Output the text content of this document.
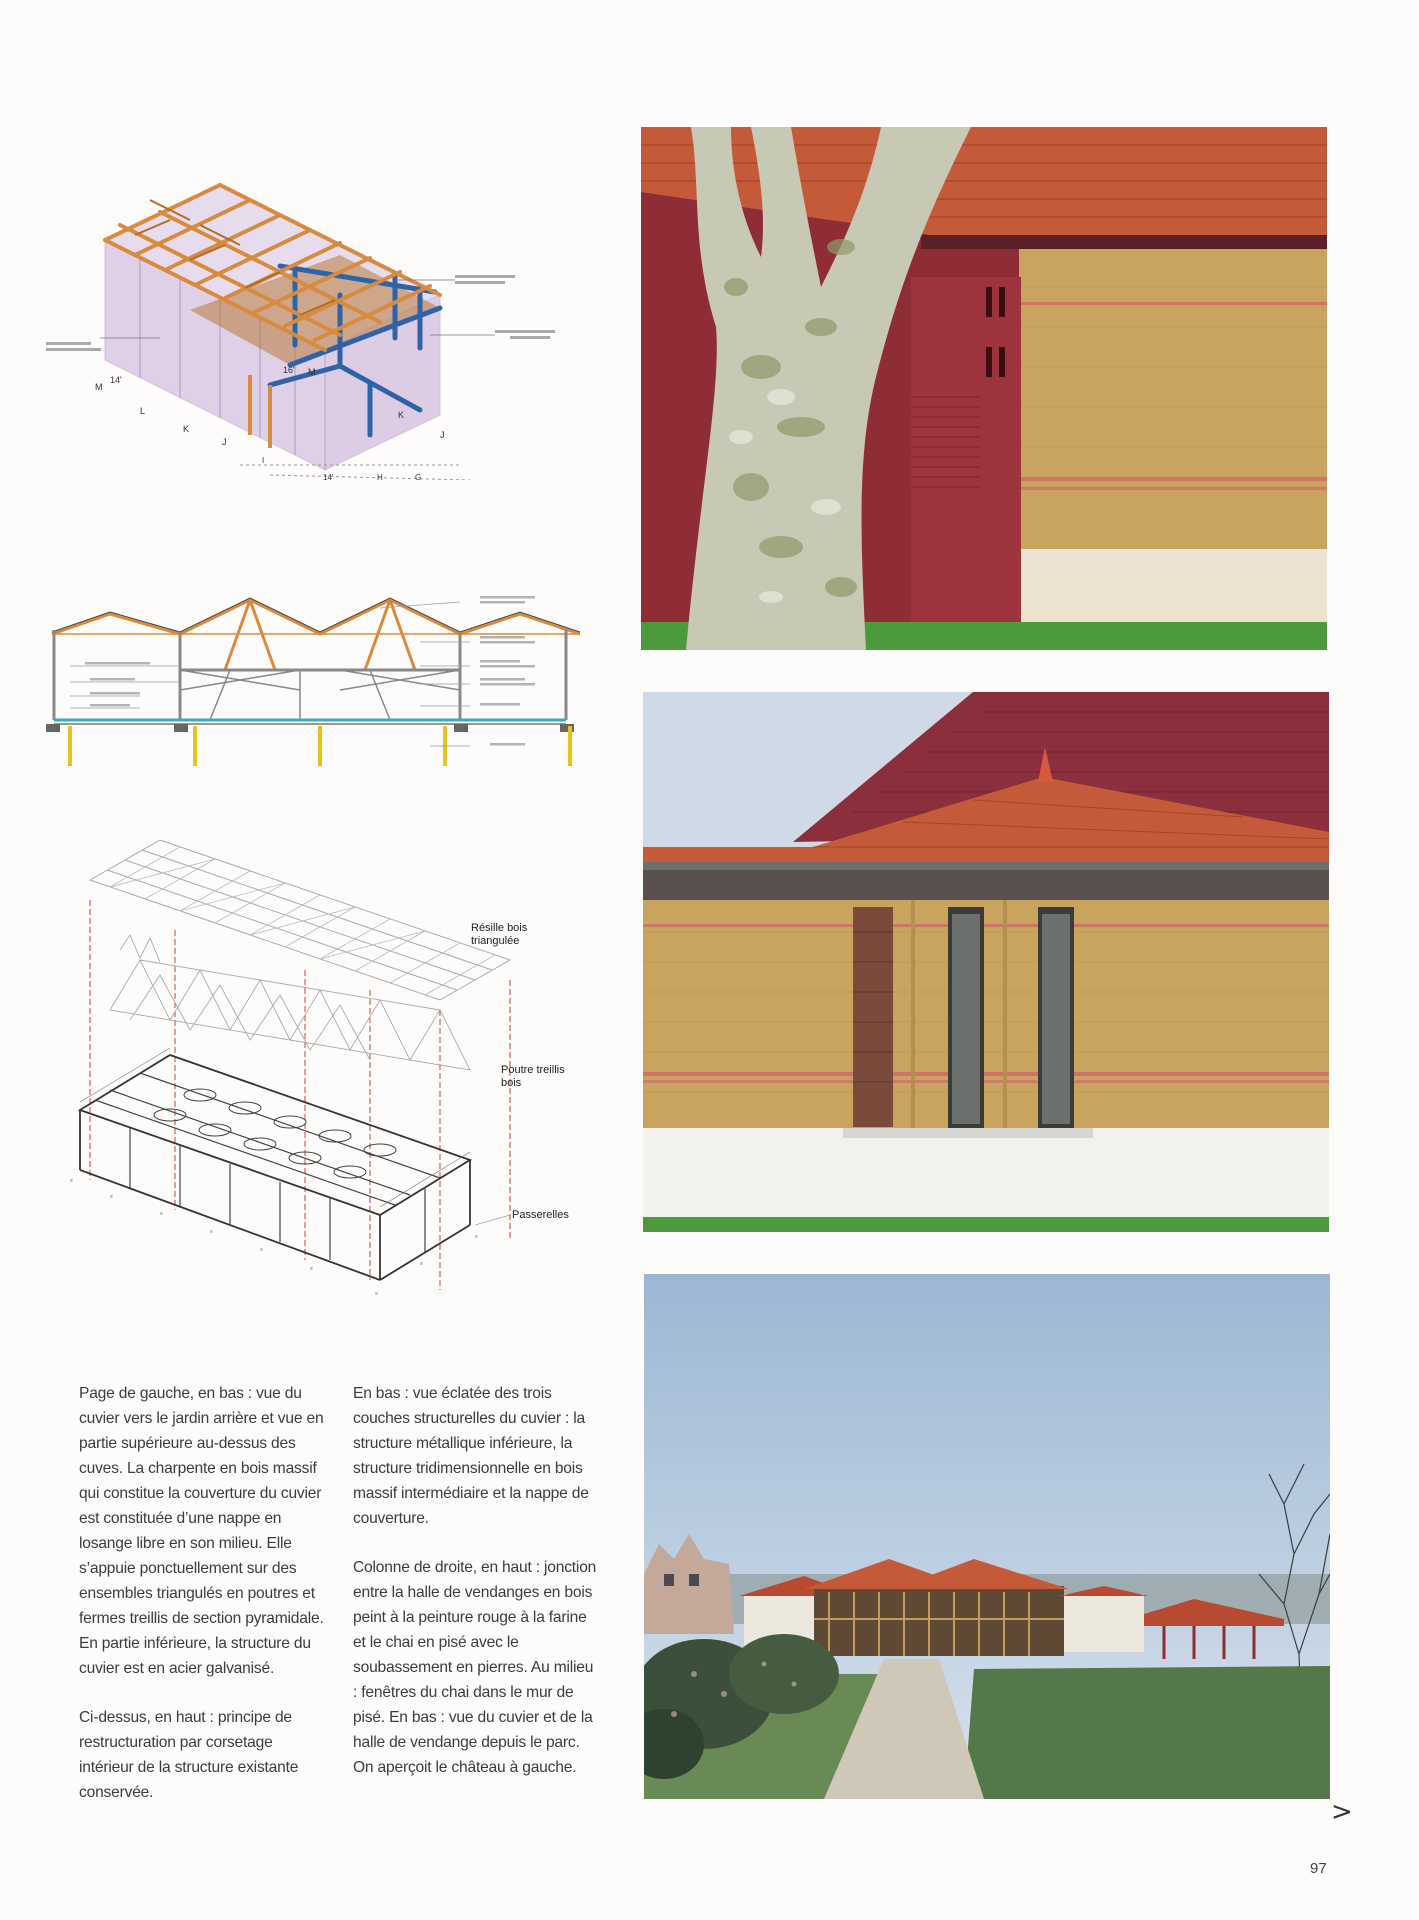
M
14'
16' M
L
K
K
J
J
I
14'	H	G
≡
≡
≡
≡
≡
≡
≡
≡
≡
Résille bois triangulée
Poutre treillis bois
Passerelles

Page de gauche, en bas : vue du cuvier vers le jardin arrière et vue en partie supérieure au-dessus des cuves. La charpente en bois massif qui constitue la couverture du cuvier est constituée d’une nappe en losange libre en son milieu. Elle s’appuie ponctuellement sur des ensembles triangulés en poutres et fermes treillis de section pyramidale. En partie inférieure, la structure du cuvier est en acier galvanisé.

Ci-dessus, en haut : principe de restructuration par corsetage intérieur de la structure existante conservée.

En bas : vue éclatée des trois couches structurelles du cuvier : la structure métallique inférieure, la structure tridimensionnelle en bois massif intermédiaire et la nappe de couverture.

Colonne de droite, en haut : jonction entre la halle de vendanges en bois peint à la peinture rouge à la farine et le chai en pisé avec le soubassement en pierres. Au milieu : fenêtres du chai dans le mur de pisé. En bas : vue du cuvier et de la halle de vendange depuis le parc. On aperçoit le château à gauche.

>
97
